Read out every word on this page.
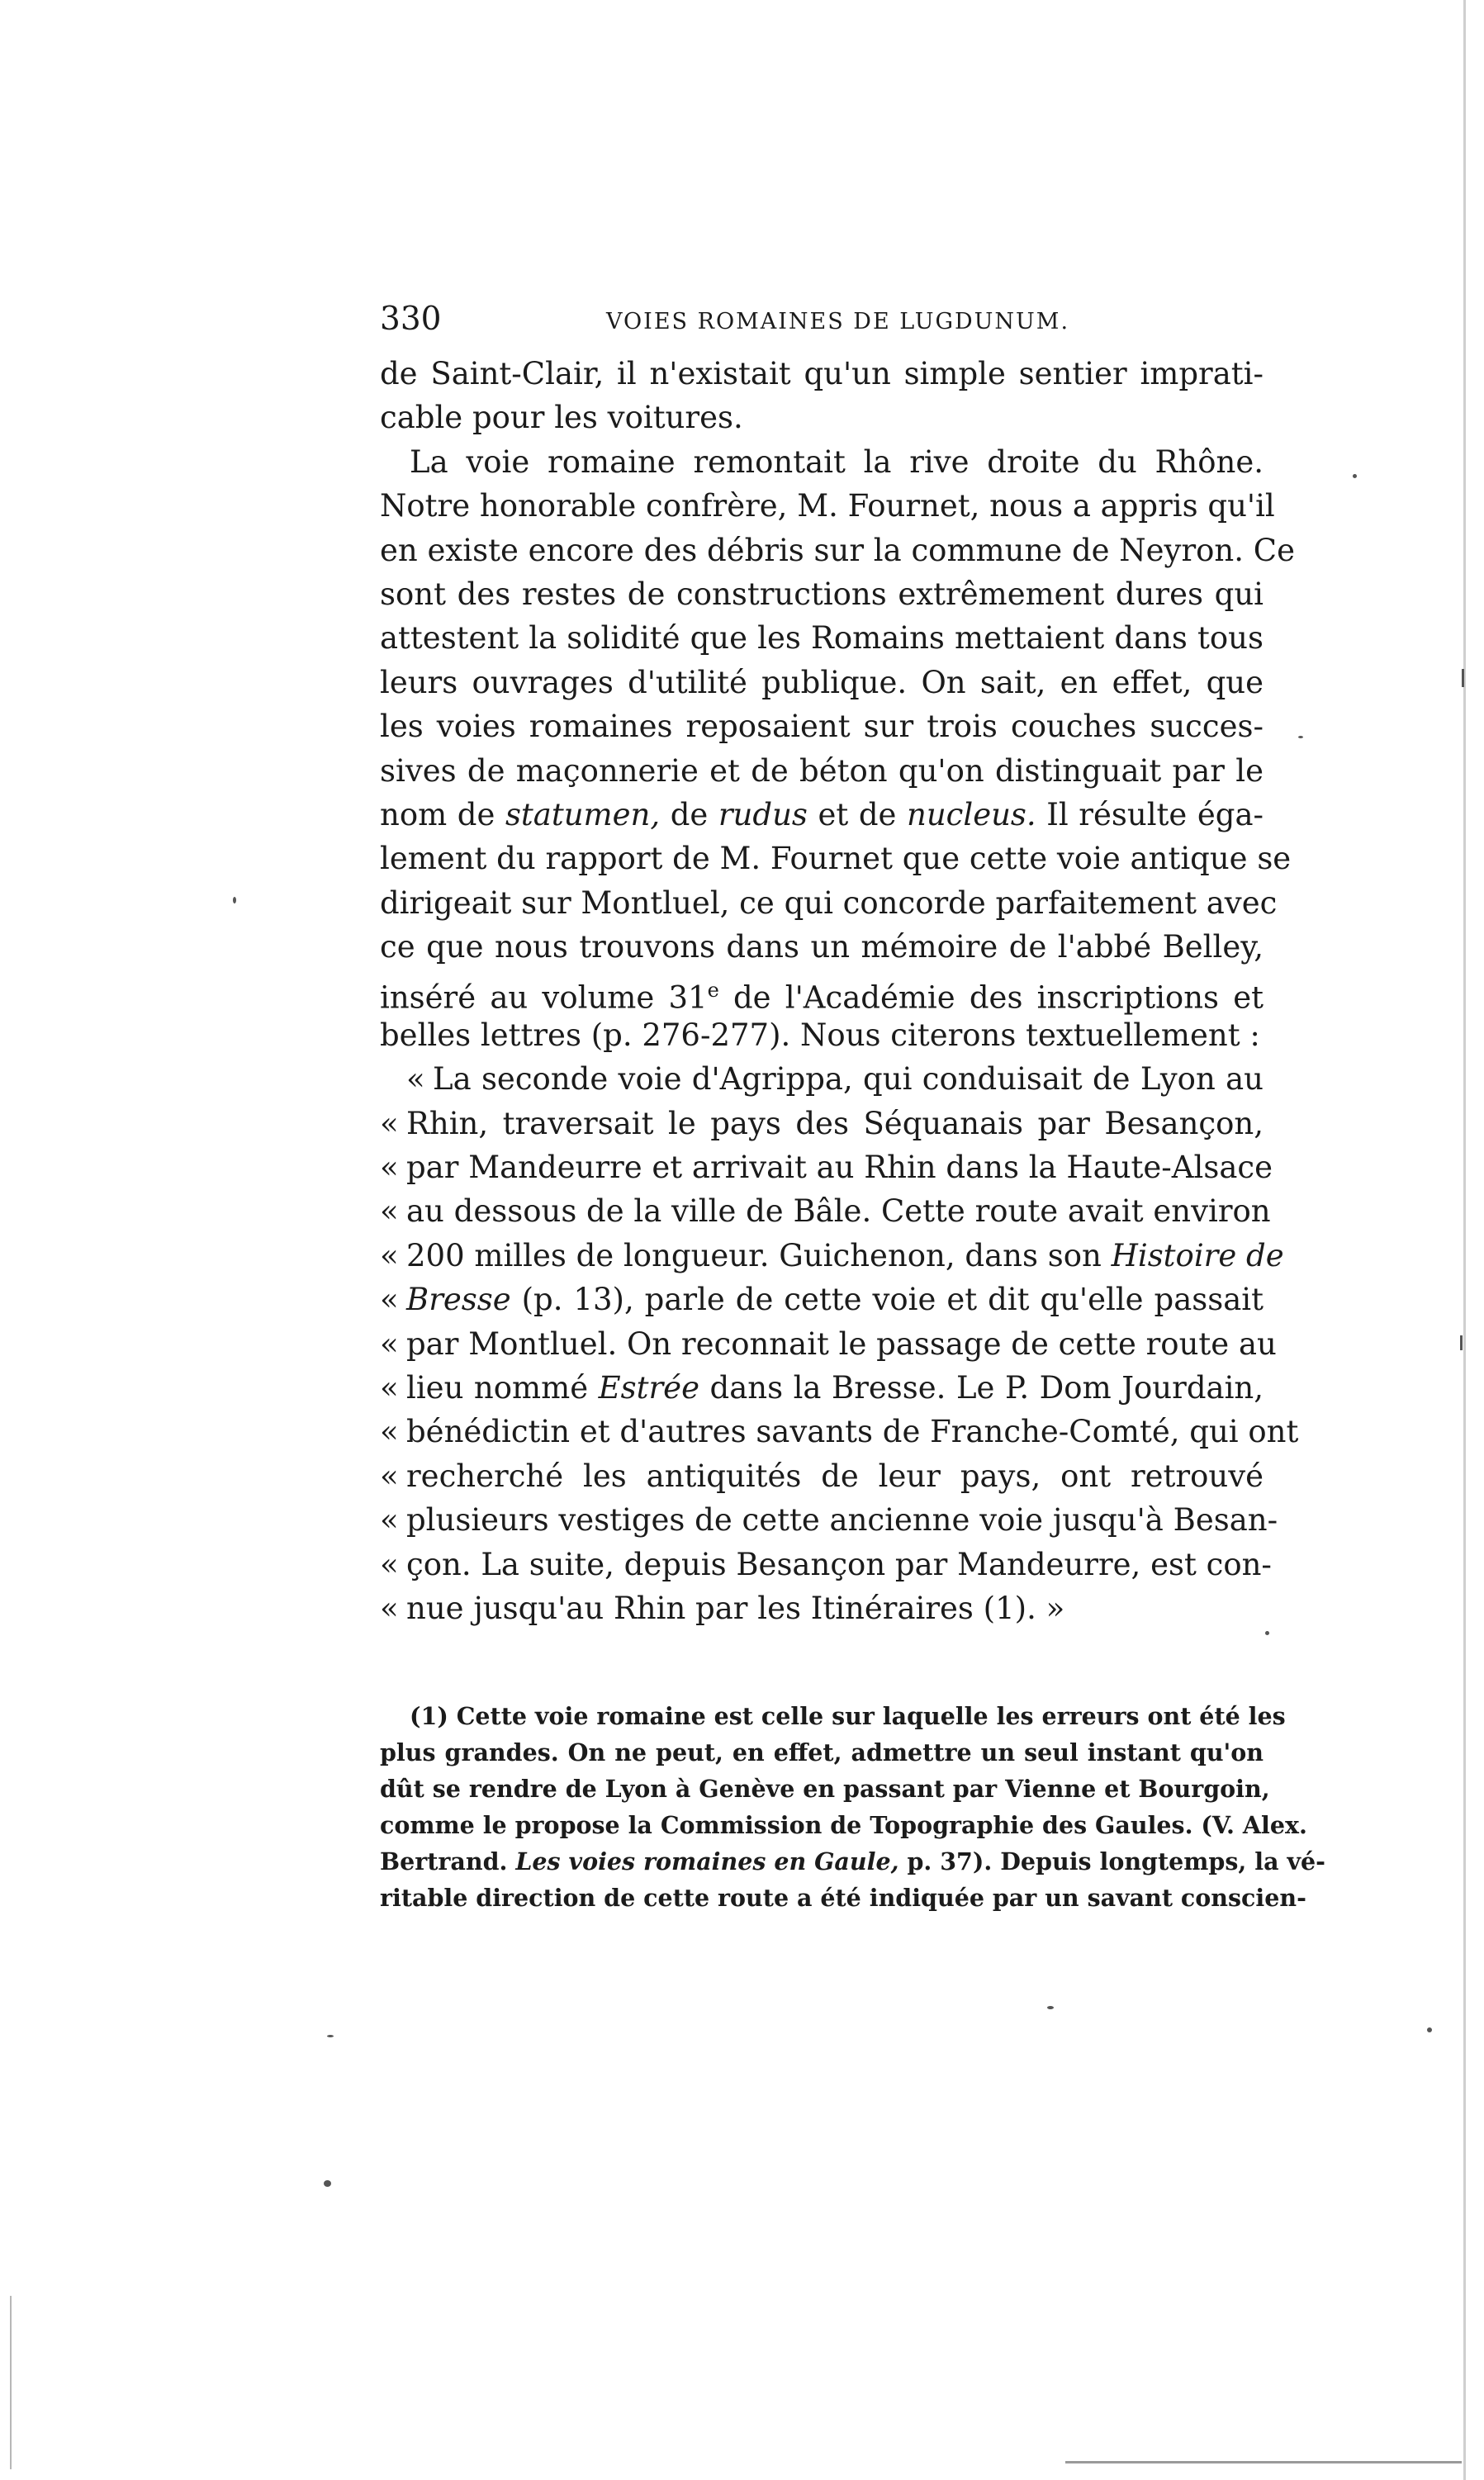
330	VOIES ROMAINES DE LUGDUNUM.
de Saint-Clair, il n'existait qu'un simple sentier imprati-
cable pour les voitures.
La voie romaine remontait la rive droite du Rhône.
Notre honorable confrère, M. Fournet, nous a appris qu'il
en existe encore des débris sur la commune de Neyron. Ce
sont des restes de constructions extrêmement dures qui
attestent la solidité que les Romains mettaient dans tous
leurs ouvrages d'utilité publique. On sait, en effet, que
les voies romaines reposaient sur trois couches succes-
sives de maçonnerie et de béton qu'on distinguait par le
nom de statumen, de rudus et de nucleus. Il résulte éga-
lement du rapport de M. Fournet que cette voie antique se
dirigeait sur Montluel, ce qui concorde parfaitement avec
ce que nous trouvons dans un mémoire de l'abbé Belley,
inséré au volume 31e de l'Académie des inscriptions et
belles lettres (p. 276-277). Nous citerons textuellement :
« La seconde voie d'Agrippa, qui conduisait de Lyon au
« Rhin, traversait le pays des Séquanais par Besançon,
« par Mandeurre et arrivait au Rhin dans la Haute-Alsace
« au dessous de la ville de Bâle. Cette route avait environ
« 200 milles de longueur. Guichenon, dans son Histoire de
« Bresse (p. 13), parle de cette voie et dit qu'elle passait
« par Montluel. On reconnait le passage de cette route au
« lieu nommé Estrée dans la Bresse. Le P. Dom Jourdain,
« bénédictin et d'autres savants de Franche-Comté, qui ont
« recherché les antiquités de leur pays, ont retrouvé
« plusieurs vestiges de cette ancienne voie jusqu'à Besan-
« çon. La suite, depuis Besançon par Mandeurre, est con-
« nue jusqu'au Rhin par les Itinéraires (1). »
(1) Cette voie romaine est celle sur laquelle les erreurs ont été les
plus grandes. On ne peut, en effet, admettre un seul instant qu'on
dût se rendre de Lyon à Genève en passant par Vienne et Bourgoin,
comme le propose la Commission de Topographie des Gaules. (V. Alex.
Bertrand. Les voies romaines en Gaule, p. 37). Depuis longtemps, la vé-
ritable direction de cette route a été indiquée par un savant conscien-
